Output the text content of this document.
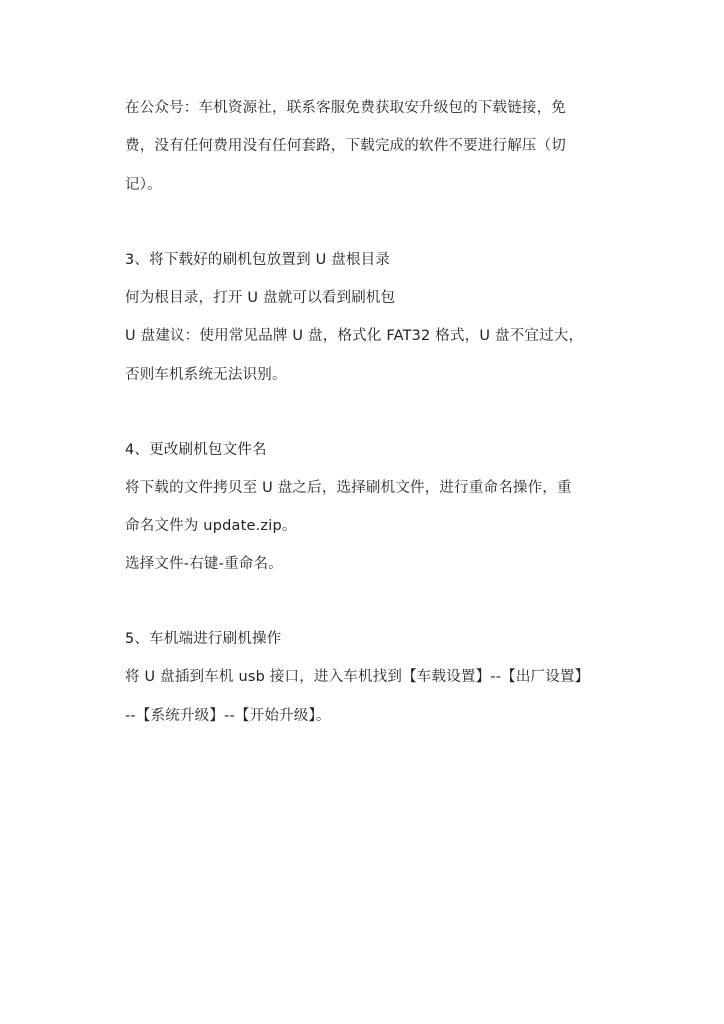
在公众号：车机资源社，联系客服免费获取安升级包的下载链接，免
费，没有任何费用没有任何套路，下载完成的软件不要进行解压（切
记）。
3、将下载好的刷机包放置到 U 盘根目录
何为根目录，打开 U 盘就可以看到刷机包
U 盘建议：使用常见品牌 U 盘，格式化 FAT32 格式，U 盘不宜过大，
否则车机系统无法识别。
4、更改刷机包文件名
将下载的文件拷贝至 U 盘之后，选择刷机文件，进行重命名操作，重
命名文件为 update.zip。
选择文件-右键-重命名。
5、车机端进行刷机操作
将 U 盘插到车机 usb 接口，进入车机找到【车载设置】--【出厂设置】
--【系统升级】--【开始升级】。
